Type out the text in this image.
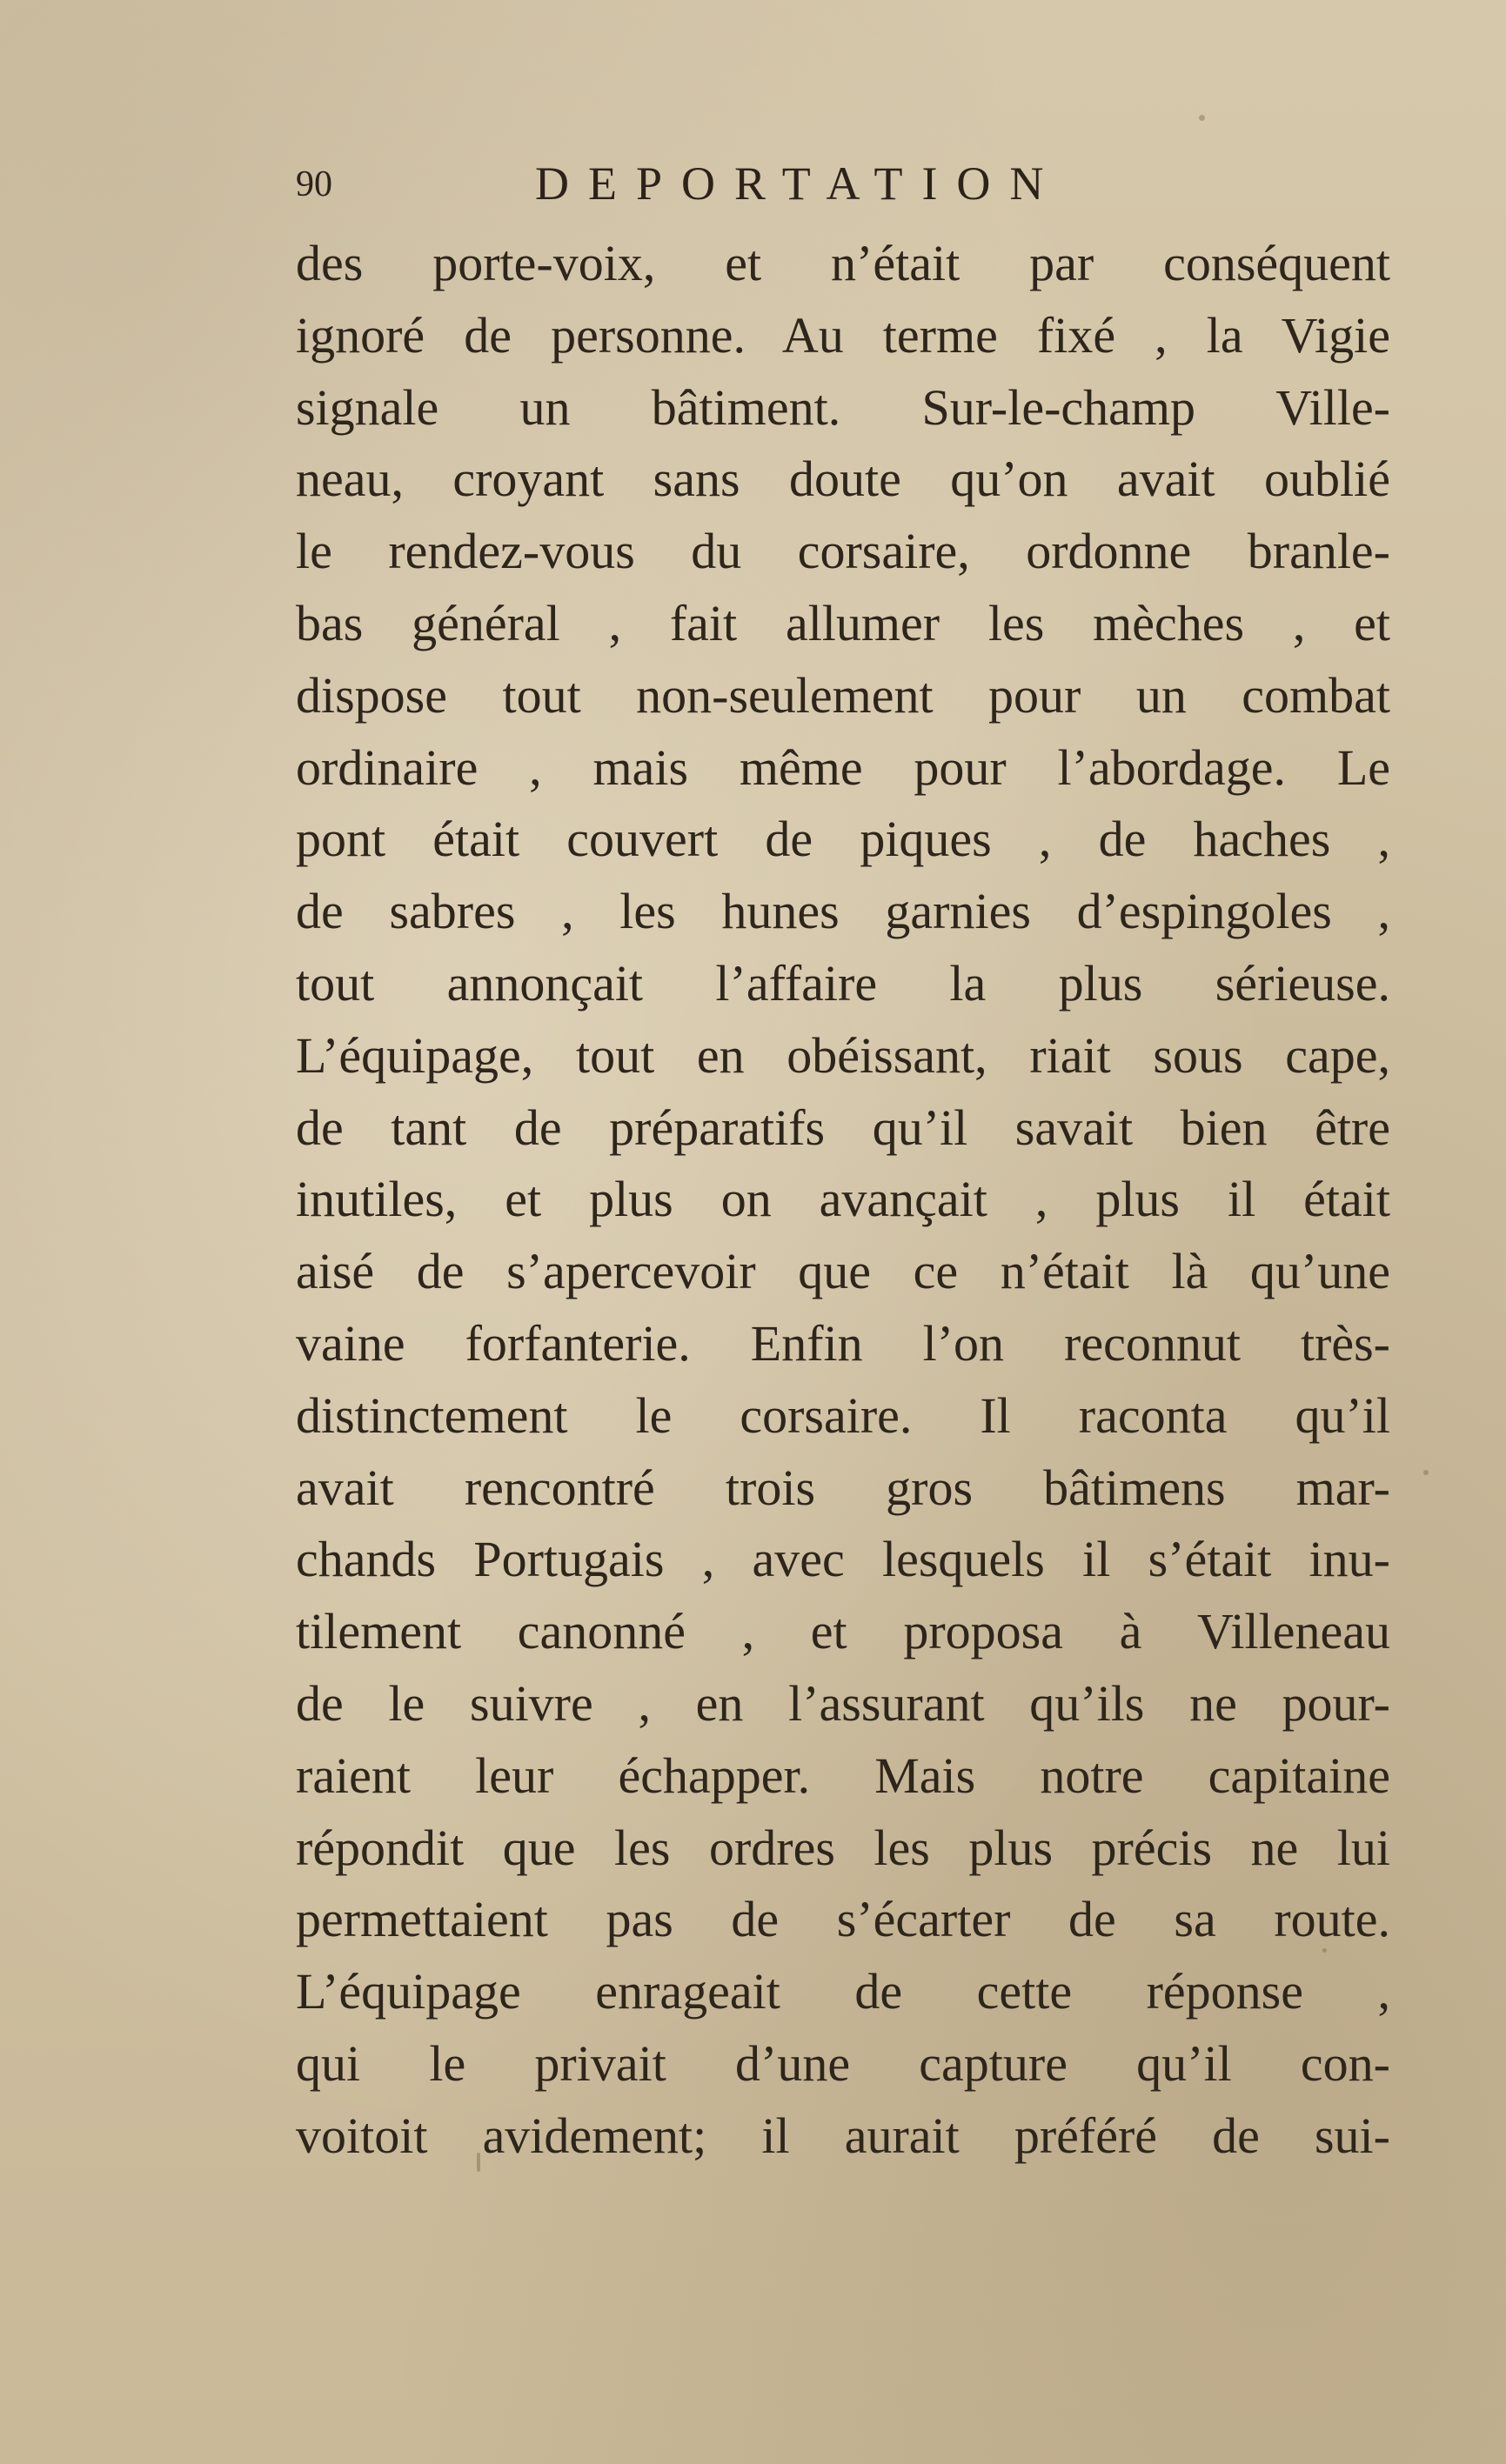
90	DEPORTATION
des porte-voix, et n’était par conséquent
ignoré de personne. Au terme fixé , la Vigie
signale un bâtiment. Sur-le-champ Ville-
neau, croyant sans doute qu’on avait oublié
le rendez-vous du corsaire, ordonne branle-
bas général , fait allumer les mèches , et
dispose tout non-seulement pour un combat
ordinaire , mais même pour l’abordage. Le
pont était couvert de piques , de haches ,
de sabres , les hunes garnies d’espingoles ,
tout annonçait l’affaire la plus sérieuse.
L’équipage, tout en obéissant, riait sous cape,
de tant de préparatifs qu’il savait bien être
inutiles, et plus on avançait , plus il était
aisé de s’apercevoir que ce n’était là qu’une
vaine forfanterie. Enfin l’on reconnut très-
distinctement le corsaire. Il raconta qu’il
avait rencontré trois gros bâtimens mar-
chands Portugais , avec lesquels il s’était inu-
tilement canonné , et proposa à Villeneau
de le suivre , en l’assurant qu’ils ne pour-
raient leur échapper. Mais notre capitaine
répondit que les ordres les plus précis ne lui
permettaient pas de s’écarter de sa route.
L’équipage enrageait de cette réponse ,
qui le privait d’une capture qu’il con-
voitoit avidement; il aurait préféré de sui-
